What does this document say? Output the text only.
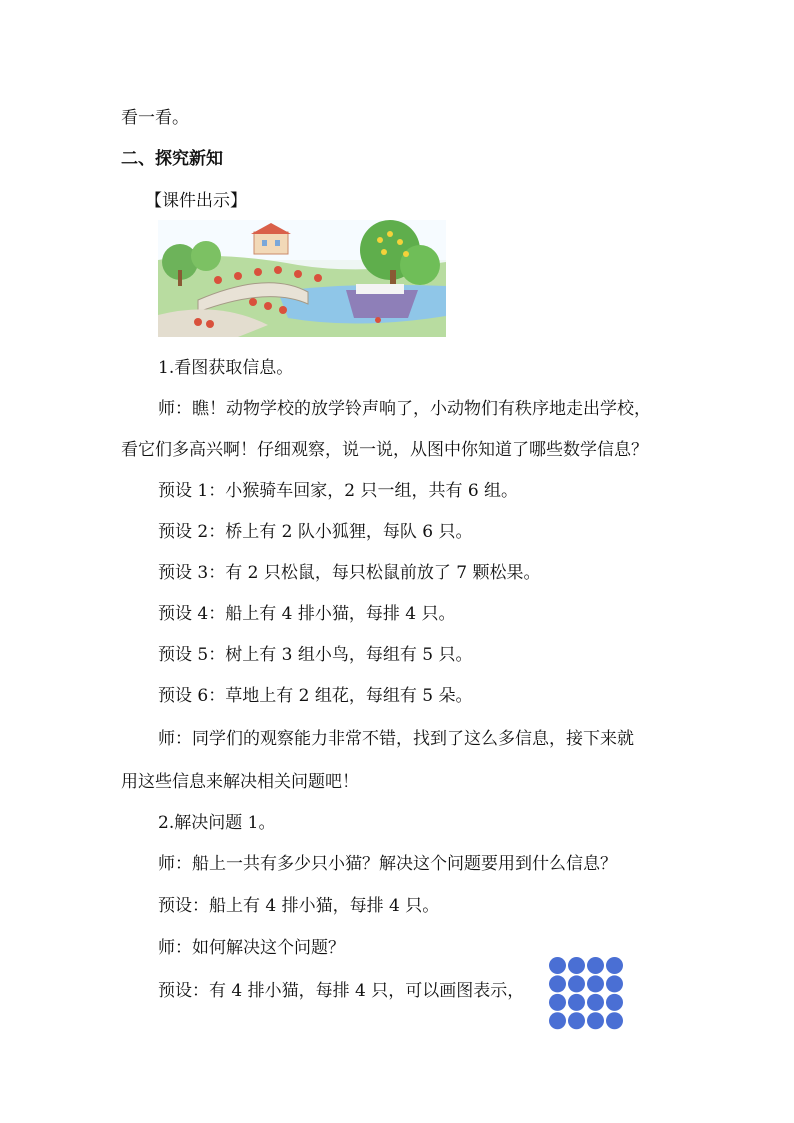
看一看。
二、探究新知
【课件出示】
1.看图获取信息。
师：瞧！动物学校的放学铃声响了，小动物们有秩序地走出学校，
看它们多高兴啊！仔细观察，说一说，从图中你知道了哪些数学信息？
预设 1：小猴骑车回家，2 只一组，共有 6 组。
预设 2：桥上有 2 队小狐狸，每队 6 只。
预设 3：有 2 只松鼠，每只松鼠前放了 7 颗松果。
预设 4：船上有 4 排小猫，每排 4 只。
预设 5：树上有 3 组小鸟，每组有 5 只。
预设 6：草地上有 2 组花，每组有 5 朵。
师：同学们的观察能力非常不错，找到了这么多信息，接下来就
用这些信息来解决相关问题吧！
2.解决问题 1。
师：船上一共有多少只小猫？解决这个问题要用到什么信息？
预设：船上有 4 排小猫，每排 4 只。
师：如何解决这个问题？
预设：有 4 排小猫，每排 4 只，可以画图表示，
